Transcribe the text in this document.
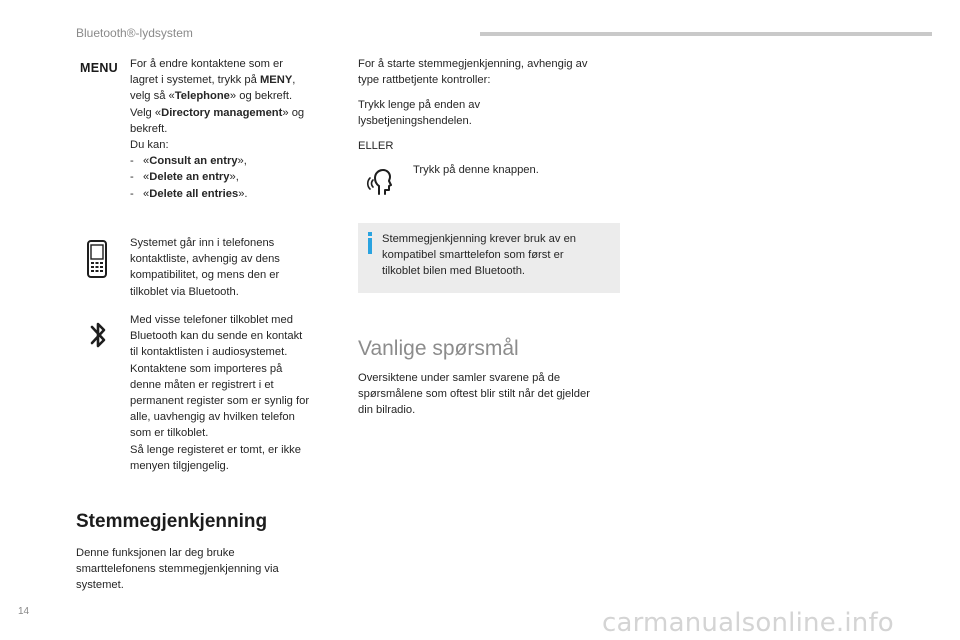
Bluetooth®-lydsystem
MENU For å endre kontaktene som er

lagret i systemet, trykk på MENY,

velg så «Telephone» og bekreft.

Velg «Directory management» og

bekreft.

Du kan:

-   «Consult an entry»,

-   «Delete an entry»,

-   «Delete all entries».

Systemet går inn i telefonens

kontaktliste, avhengig av dens

kompatibilitet, og mens den er

tilkoblet via Bluetooth.

Med visse telefoner tilkoblet med

Bluetooth kan du sende en kontakt

til kontaktlisten i audiosystemet.

Kontaktene som importeres på

denne måten er registrert i et

permanent register som er synlig for

alle, uavhengig av hvilken telefon

som er tilkoblet.

Så lenge registeret er tomt, er ikke

menyen tilgjengelig.

Stemmegjenkjenning

Denne funksjonen lar deg bruke

smarttelefonens stemmegjenkjenning via

systemet.

For å starte stemmegjenkjenning, avhengig av

type rattbetjente kontroller:

Trykk lenge på enden av

lysbetjeningshendelen.

ELLER
Trykk på denne knappen.

Stemmegjenkjenning krever bruk av en

kompatibel smarttelefon som først er

tilkoblet bilen med Bluetooth.

Vanlige spørsmål

Oversiktene under samler svarene på de

spørsmålene som oftest blir stilt når det gjelder

din bilradio.

14	carmanualsonline.info
